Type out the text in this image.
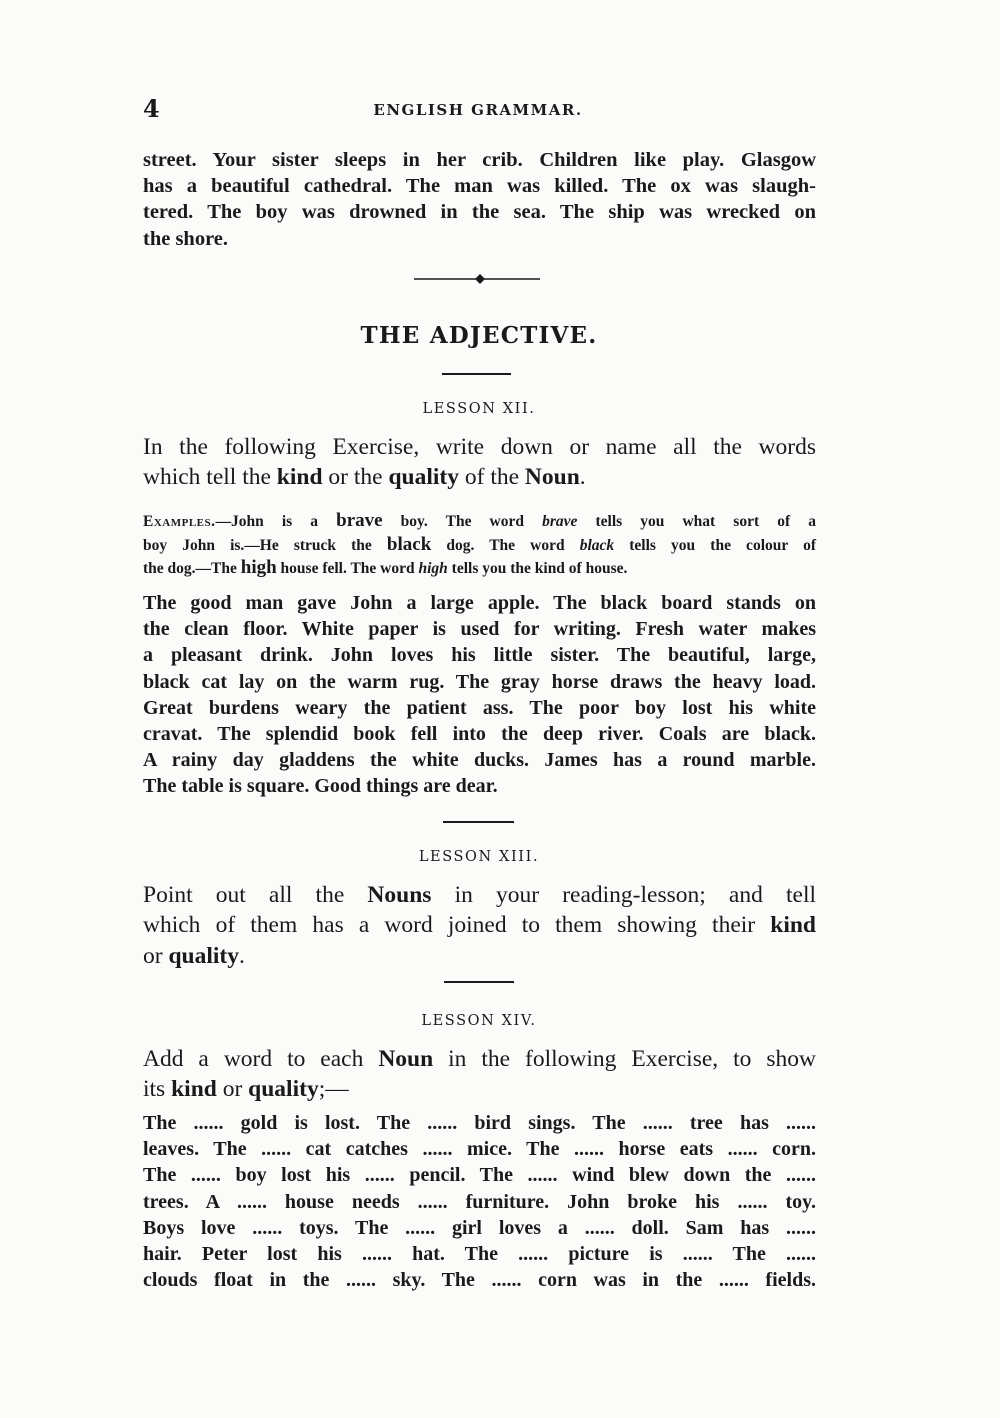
4	ENGLISH GRAMMAR.
street. Your sister sleeps in her crib. Children like play. Glasgow
has a beautiful cathedral. The man was killed. The ox was slaugh-
tered. The boy was drowned in the sea. The ship was wrecked on
the shore.
THE ADJECTIVE.
LESSON XII.
In the following Exercise, write down or name all the words
which tell the kind or the quality of the Noun.
Examples.—John is a brave boy. The word brave tells you what sort of a
boy John is.—He struck the black dog. The word black tells you the colour of
the dog.—The high house fell. The word high tells you the kind of house.
The good man gave John a large apple. The black board stands on
the clean floor. White paper is used for writing. Fresh water makes
a pleasant drink. John loves his little sister. The beautiful, large,
black cat lay on the warm rug. The gray horse draws the heavy load.
Great burdens weary the patient ass. The poor boy lost his white
cravat. The splendid book fell into the deep river. Coals are black.
A rainy day gladdens the white ducks. James has a round marble.
The table is square. Good things are dear.
LESSON XIII.
Point out all the Nouns in your reading-lesson; and tell
which of them has a word joined to them showing their kind
or quality.
LESSON XIV.
Add a word to each Noun in the following Exercise, to show
its kind or quality;—
The ...... gold is lost. The ...... bird sings. The ...... tree has ......
leaves. The ...... cat catches ...... mice. The ...... horse eats ...... corn.
The ...... boy lost his ...... pencil. The ...... wind blew down the ......
trees. A ...... house needs ...... furniture. John broke his ...... toy.
Boys love ...... toys. The ...... girl loves a ...... doll. Sam has ......
hair. Peter lost his ...... hat. The ...... picture is ...... The ......
clouds float in the ...... sky. The ...... corn was in the ...... fields.
